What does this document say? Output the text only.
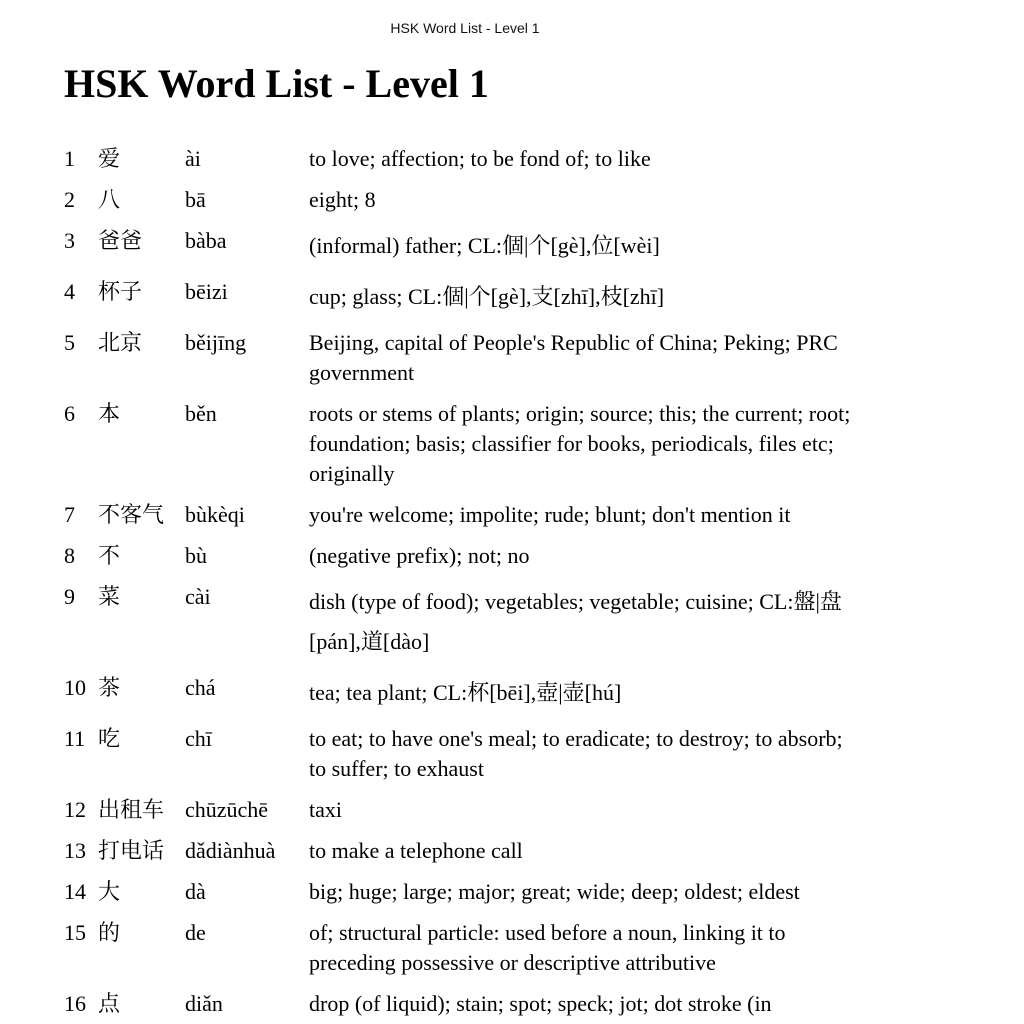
HSK Word List - Level 1
HSK Word List - Level 1
1	爱	ài	to love; affection; to be fond of; to like
2	八	bā	eight; 8
3	爸爸	bàba	(informal) father; CL:個|个[gè],位[wèi]
4	杯子	bēizi	cup; glass; CL:個|个[gè],支[zhī],枝[zhī]
5	北京	běijīng	Beijing, capital of People's Republic of China; Peking; PRC government
6	本	běn	roots or stems of plants; origin; source; this; the current; root; foundation; basis; classifier for books, periodicals, files etc; originally
7	不客气	bùkèqi	you're welcome; impolite; rude; blunt; don't mention it
8	不	bù	(negative prefix); not; no
9	菜	cài	dish (type of food); vegetables; vegetable; cuisine; CL:盤|盘[pán],道[dào]
10	茶	chá	tea; tea plant; CL:杯[bēi],壺|壶[hú]
11	吃	chī	to eat; to have one's meal; to eradicate; to destroy; to absorb; to suffer; to exhaust
12	出租车	chūzūchē	taxi
13	打电话	dǎdiànhuà	to make a telephone call
14	大	dà	big; huge; large; major; great; wide; deep; oldest; eldest
15	的	de	of; structural particle: used before a noun, linking it to preceding possessive or descriptive attributive
16	点	diǎn	drop (of liquid); stain; spot; speck; jot; dot stroke (in
